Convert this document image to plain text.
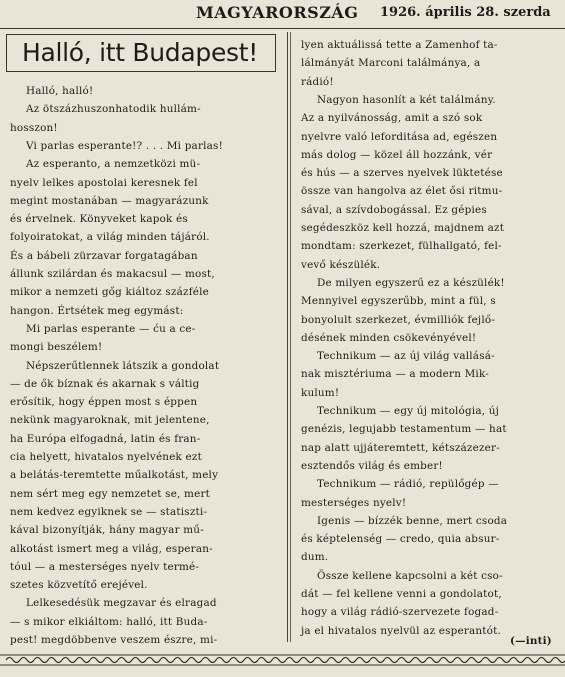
MAGYARORSZÁG 1926. április 28. szerda
Halló, itt Budapest!
Halló, halló!
Az ötszázhuszonhatodik hullám-
hosszon!
Vi parlas esperante!? . . . Mi parlas!
Az esperanto, a nemzetközi mü-
nyelv lelkes apostolai keresnek fel
megint mostanában — magyarázunk
és érvelnek. Könyveket kapok és
folyoiratokat, a világ minden tájáról.
És a bábeli zürzavar forgatagában
állunk szilárdan és makacsul — most,
mikor a nemzeti gőg kiáltoz százféle
hangon. Értsétek meg egymást:
Mi parlas esperante — ću a ce-
mongi beszélem!
Népszerűtlennek látszik a gondolat
— de ők bíznak és akarnak s váltig
erősítik, hogy éppen most s éppen
nekünk magyaroknak, mit jelentene,
ha Európa elfogadná, latin és fran-
cia helyett, hivatalos nyelvének ezt
a belátás-teremtette műalkotást, mely
nem sért meg egy nemzetet se, mert
nem kedvez egyiknek se — statiszti-
kával bizonyítják, hány magyar mű-
alkotást ismert meg a világ, esperan-
tóul — a mesterséges nyelv termé-
szetes közvetítő erejével.
Lelkesedésük megzavar és elragad
— s mikor elkiáltom: halló, itt Buda-
pest! megdöbbenve veszem észre, mi-
lyen aktuálissá tette a Zamenhof ta-
lálmányát Marconi találmánya, a
rádió!
Nagyon hasonlít a két találmány.
Az a nyilvánosság, amit a szó sok
nyelvre való leforditása ad, egészen
más dolog — közel áll hozzánk, vér
és hús — a szerves nyelvek lüktetése
össze van hangolva az élet ősi ritmu-
sával, a szívdobogással. Ez gépies
segédeszköz kell hozzá, majdnem azt
mondtam: szerkezet, fülhallgató, fel-
vevő készülék.
De milyen egyszerű ez a készülék!
Mennyivel egyszerűbb, mint a fül, s
bonyolult szerkezet, évmilliók fejlő-
désének minden csökevényével!
Technikum — az új világ vallásá-
nak misztériuma — a modern Mik-
kulum!
Technikum — egy új mitológia, új
genézis, legujabb testamentum — hat
nap alatt ujjáteremtett, kétszázezer-
esztendős világ és ember!
Technikum — rádió, repülőgép —
mesterséges nyelv!
Igenis — bízzék benne, mert csoda
és képtelenség — credo, quia absur-
dum.
Össze kellene kapcsolni a két cso-
dát — fel kellene venni a gondolatot,
hogy a világ rádió-szervezete fogad-
ja el hivatalos nyelvül az esperantót.
(—inti)
